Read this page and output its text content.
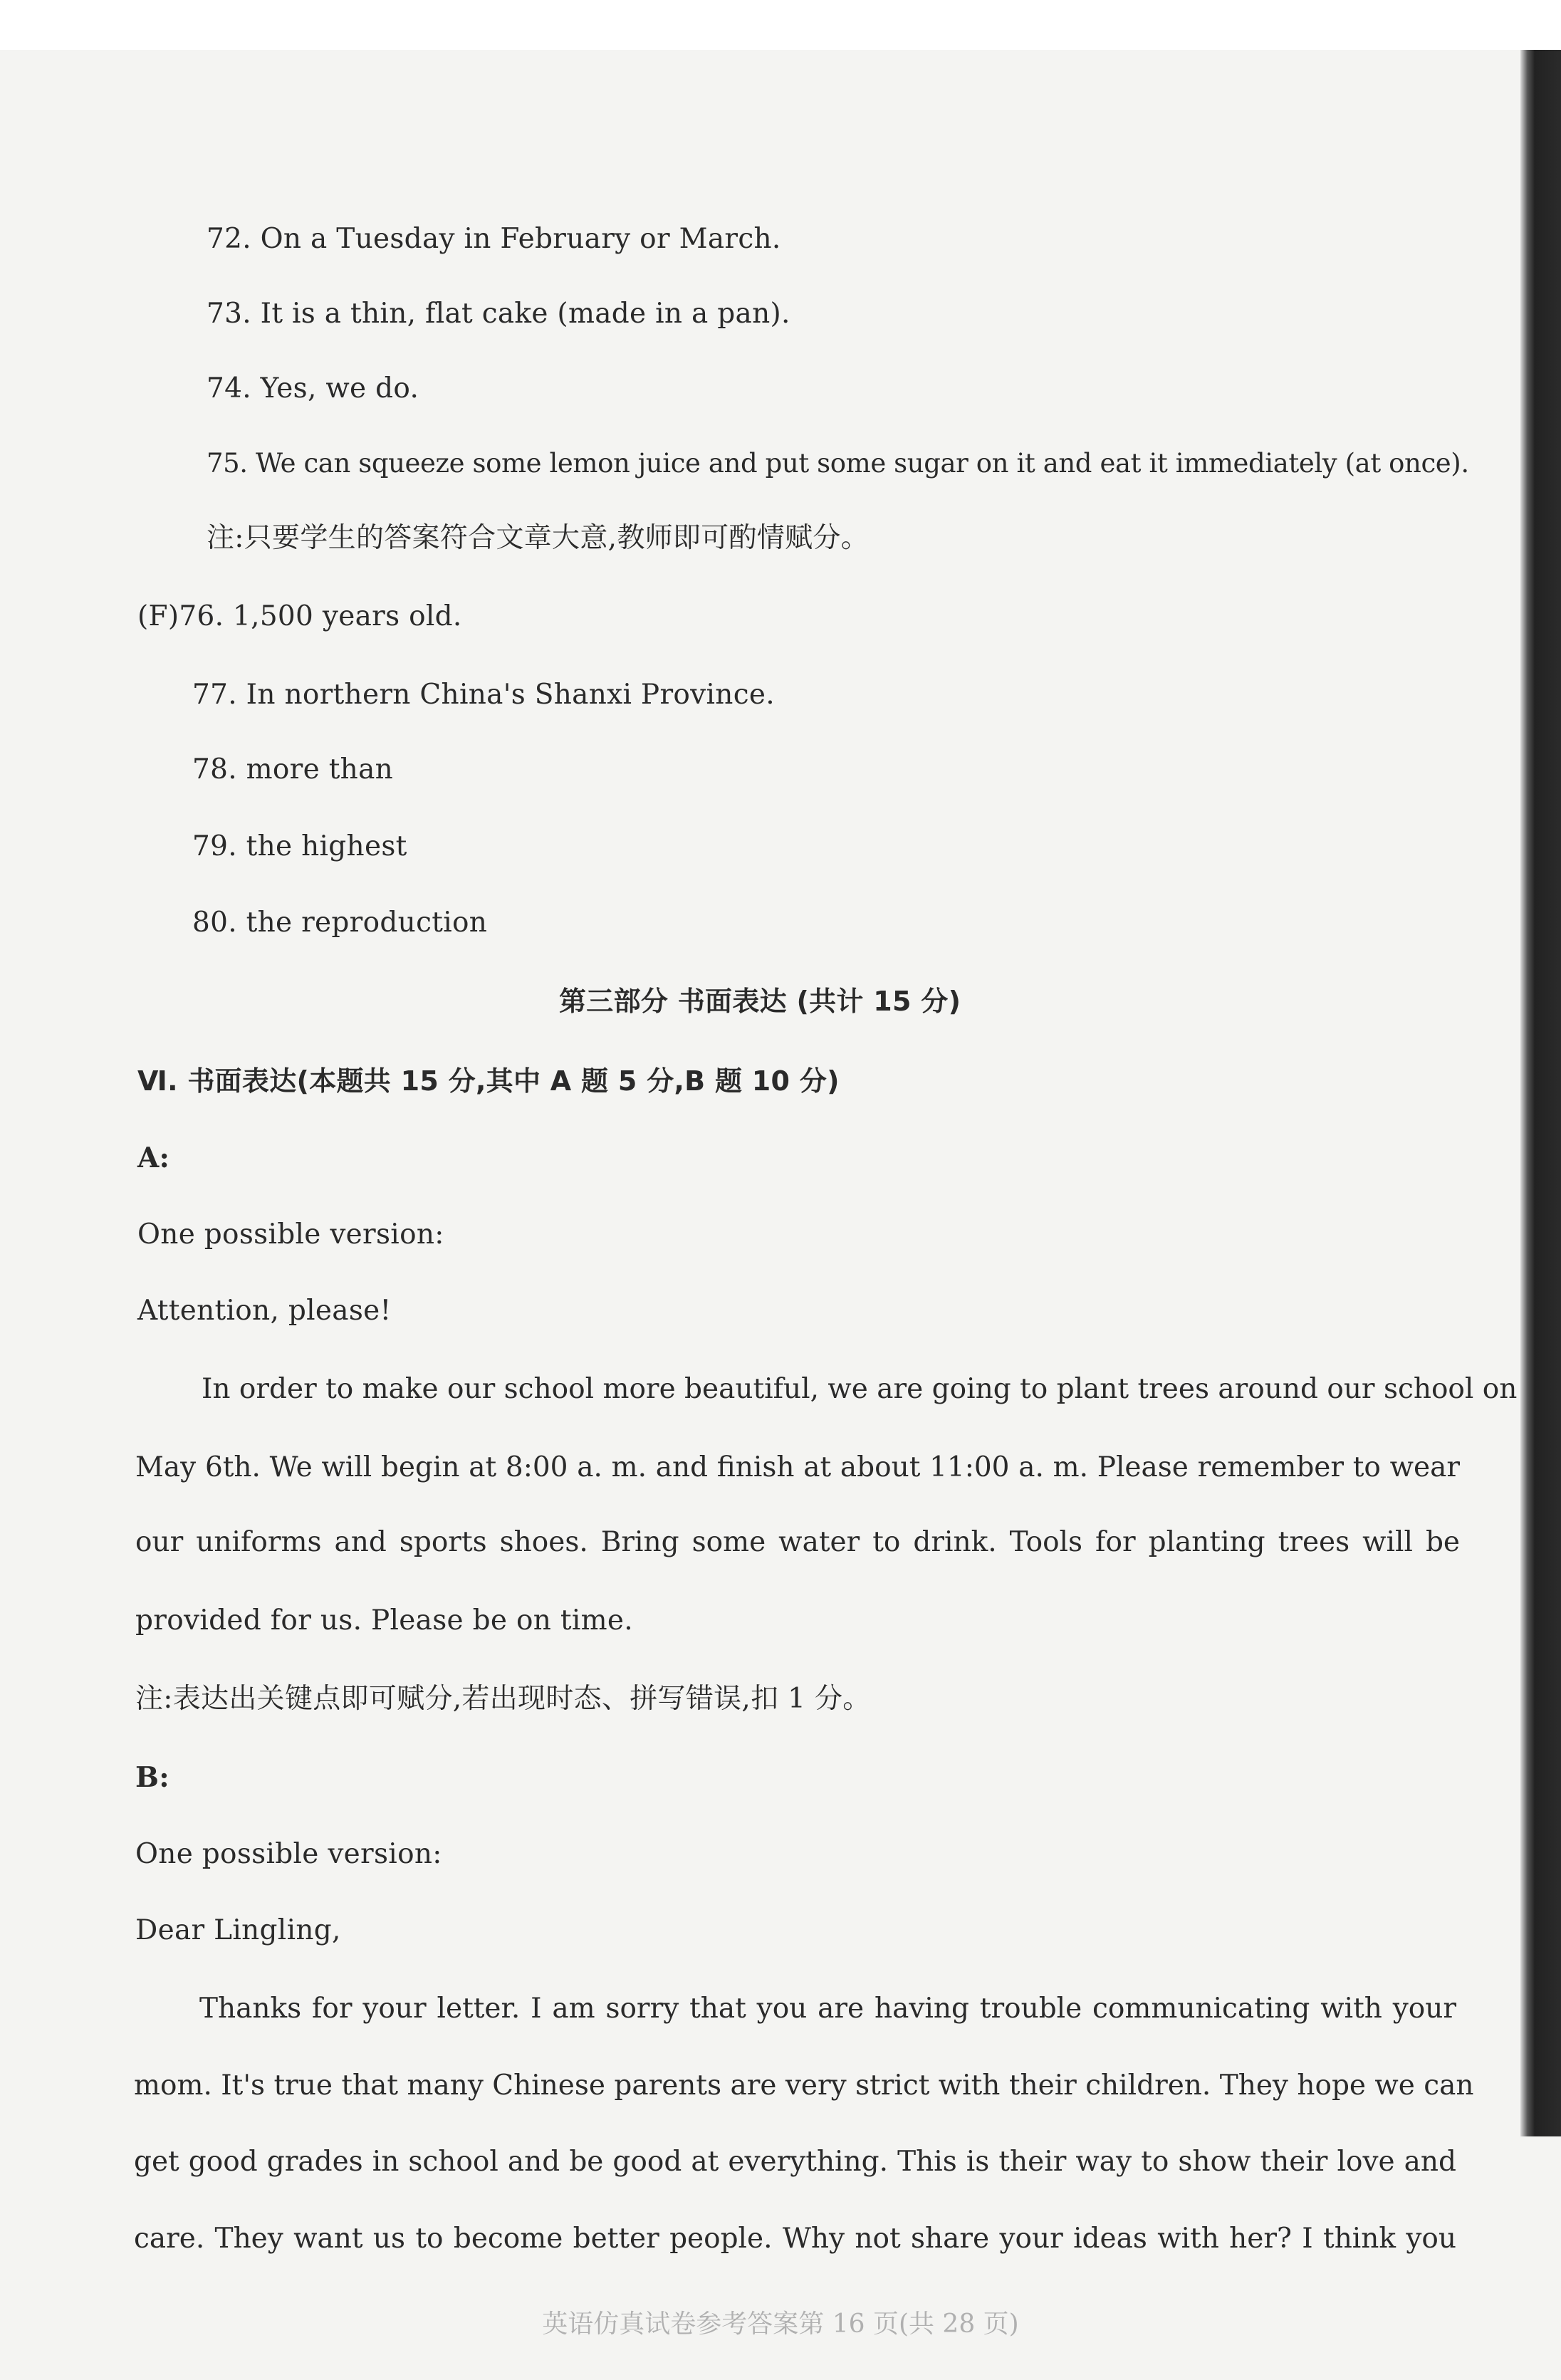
72. On a Tuesday in February or March.
73. It is a thin, flat cake (made in a pan).
74. Yes, we do.
75. We can squeeze some lemon juice and put some sugar on it and eat it immediately (at once).
注:只要学生的答案符合文章大意,教师即可酌情赋分。
(F)76. 1,500 years old.
77. In northern China's Shanxi Province.
78. more than
79. the highest
80. the reproduction
第三部分 书面表达 (共计 15 分)
Ⅵ. 书面表达(本题共 15 分,其中 A 题 5 分,B 题 10 分)
A:
One possible version:
Attention, please!
In order to make our school more beautiful, we are going to plant trees around our school on
May 6th. We will begin at 8:00 a. m. and finish at about 11:00 a. m. Please remember to wear
our uniforms and sports shoes. Bring some water to drink. Tools for planting trees will be
provided for us. Please be on time.
注:表达出关键点即可赋分,若出现时态、拼写错误,扣 1 分。
B:
One possible version:
Dear Lingling,
Thanks for your letter. I am sorry that you are having trouble communicating with your
mom. It's true that many Chinese parents are very strict with their children. They hope we can
get good grades in school and be good at everything. This is their way to show their love and
care. They want us to become better people. Why not share your ideas with her? I think you
英语仿真试卷参考答案第 16 页(共 28 页)
